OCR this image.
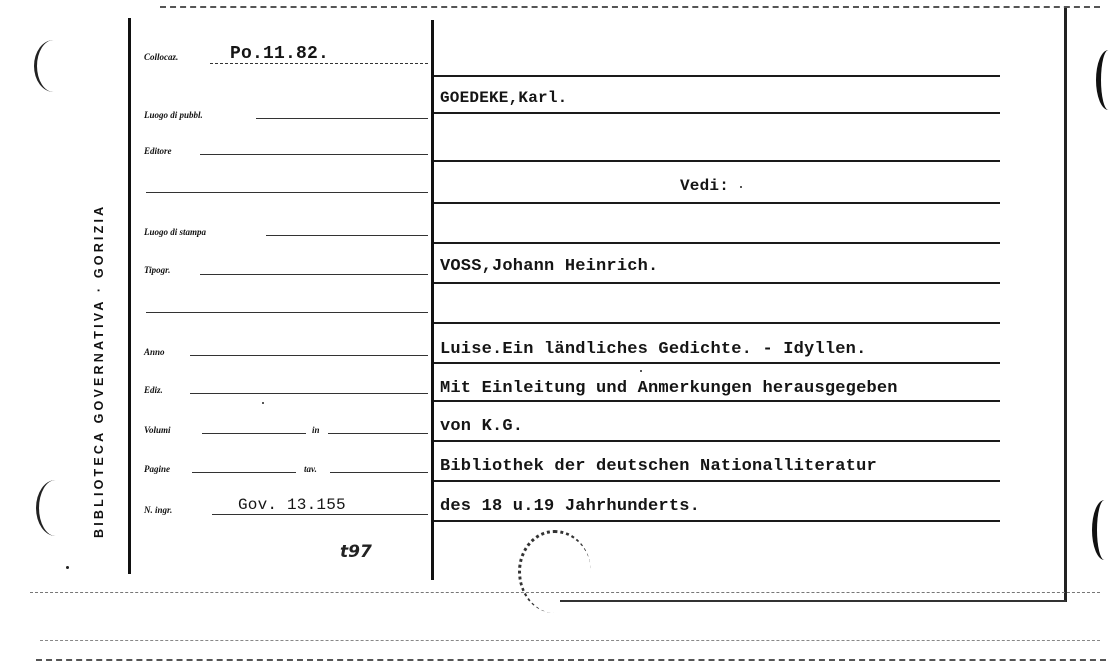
BIBLIOTECA GOVERNATIVA · GORIZIA
Collocaz.	Po.11.82.
Luogo di pubbl.
Editore
Luogo di stampa
Tipogr.
Anno
Ediz.
Volumi	in
Pagine	tav.
N. ingr.	Gov. 13.155
t97
GOEDEKE,Karl.
Vedi:
VOSS,Johann Heinrich.
Luise.Ein ländliches Gedichte. - Idyllen.
Mit Einleitung und Anmerkungen herausgegeben
von K.G.
Bibliothek der deutschen Nationalliteratur
des 18 u.19 Jahrhunderts.
